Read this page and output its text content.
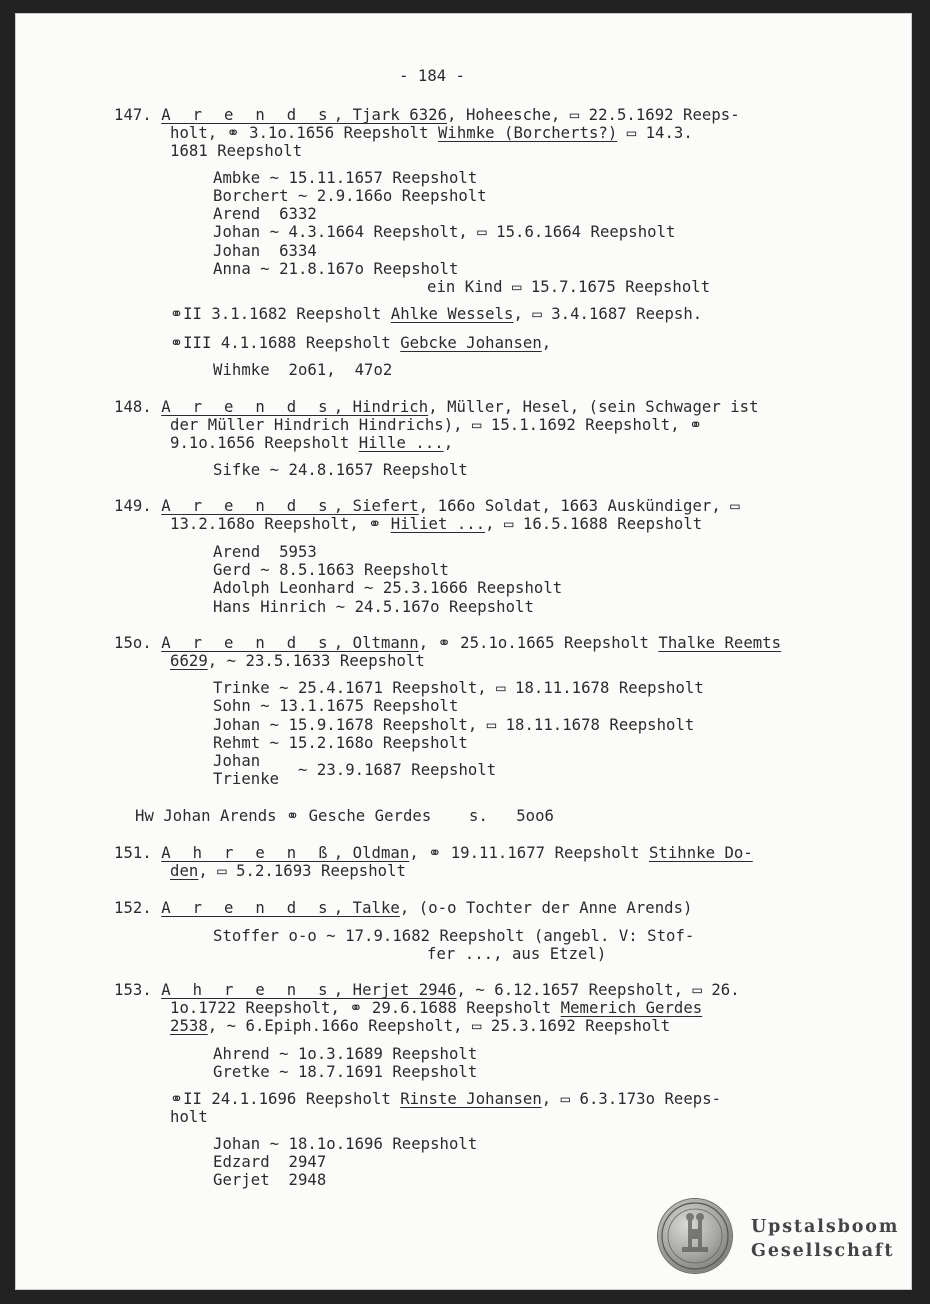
- 184 -
147. A r e n d s, Tjark 6326, Hoheesche, ▭ 22.5.1692 Reeps-
holt, ⚭ 3.1o.1656 Reepsholt Wihmke (Borcherts?) ▭ 14.3.
1681 Reepsholt
Ambke ~ 15.11.1657 Reepsholt
Borchert ~ 2.9.166o Reepsholt
Arend  6332
Johan ~ 4.3.1664 Reepsholt, ▭ 15.6.1664 Reepsholt
Johan  6334
Anna ~ 21.8.167o Reepsholt
ein Kind ▭ 15.7.1675 Reepsholt
⚭II 3.1.1682 Reepsholt Ahlke Wessels, ▭ 3.4.1687 Reepsh.
⚭III 4.1.1688 Reepsholt Gebcke Johansen,
Wihmke  2o61,  47o2
148. A r e n d s, Hindrich, Müller, Hesel, (sein Schwager ist
der Müller Hindrich Hindrichs), ▭ 15.1.1692 Reepsholt, ⚭
9.1o.1656 Reepsholt Hille ...,
Sifke ~ 24.8.1657 Reepsholt
149. A r e n d s, Siefert, 166o Soldat, 1663 Auskündiger, ▭
13.2.168o Reepsholt, ⚭ Hiliet ..., ▭ 16.5.1688 Reepsholt
Arend  5953
Gerd ~ 8.5.1663 Reepsholt
Adolph Leonhard ~ 25.3.1666 Reepsholt
Hans Hinrich ~ 24.5.167o Reepsholt
15o. A r e n d s, Oltmann, ⚭ 25.1o.1665 Reepsholt Thalke Reemts
6629, ~ 23.5.1633 Reepsholt
Trinke ~ 25.4.1671 Reepsholt, ▭ 18.11.1678 Reepsholt
Sohn ~ 13.1.1675 Reepsholt
Johan ~ 15.9.1678 Reepsholt, ▭ 18.11.1678 Reepsholt
Rehmt ~ 15.2.168o Reepsholt
Johan
Trienke ~ 23.9.1687 Reepsholt
Hw Johan Arends ⚭ Gesche Gerdes    s.   5oo6
151. A h r e n ß, Oldman, ⚭ 19.11.1677 Reepsholt Stihnke Do-
den, ▭ 5.2.1693 Reepsholt
152. A r e n d s, Talke, (o-o Tochter der Anne Arends)
Stoffer o-o ~ 17.9.1682 Reepsholt (angebl. V: Stof-
fer ..., aus Etzel)
153. A h r e n s, Herjet 2946, ~ 6.12.1657 Reepsholt, ▭ 26.
1o.1722 Reepsholt, ⚭ 29.6.1688 Reepsholt Memerich Gerdes
2538, ~ 6.Epiph.166o Reepsholt, ▭ 25.3.1692 Reepsholt
Ahrend ~ 1o.3.1689 Reepsholt
Gretke ~ 18.7.1691 Reepsholt
⚭II 24.1.1696 Reepsholt Rinste Johansen, ▭ 6.3.173o Reeps-
holt
Johan ~ 18.1o.1696 Reepsholt
Edzard  2947
Gerjet  2948
Upstalsboom
Gesellschaft
